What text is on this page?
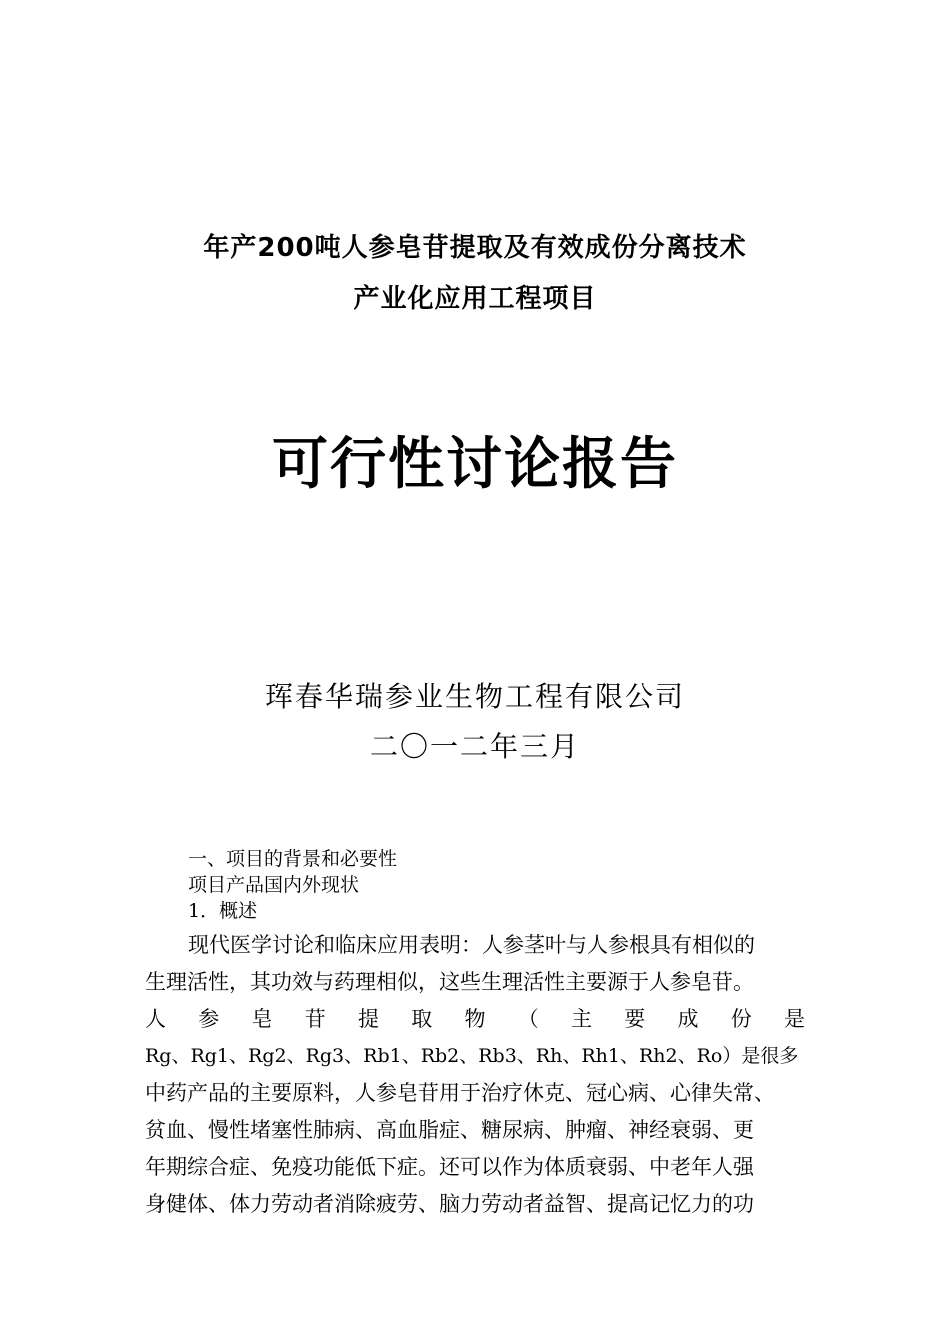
年产200吨人参皂苷提取及有效成份分离技术
产业化应用工程项目
可行性讨论报告
珲春华瑞参业生物工程有限公司
二〇一二年三月
一、项目的背景和必要性
项目产品国内外现状
1．概述
现代医学讨论和临床应用表明：人参茎叶与人参根具有相似的
生理活性，其功效与药理相似，这些生理活性主要源于人参皂苷。
人 参 皂 苷 提 取 物 （ 主 要 成 份 是
Rg、Rg1、Rg2、Rg3、Rb1、Rb2、Rb3、Rh、Rh1、Rh2、Ro）是很多
中药产品的主要原料，人参皂苷用于治疗休克、冠心病、心律失常、
贫血、慢性堵塞性肺病、高血脂症、糖尿病、肿瘤、神经衰弱、更
年期综合症、免疫功能低下症。还可以作为体质衰弱、中老年人强
身健体、体力劳动者消除疲劳、脑力劳动者益智、提高记忆力的功
